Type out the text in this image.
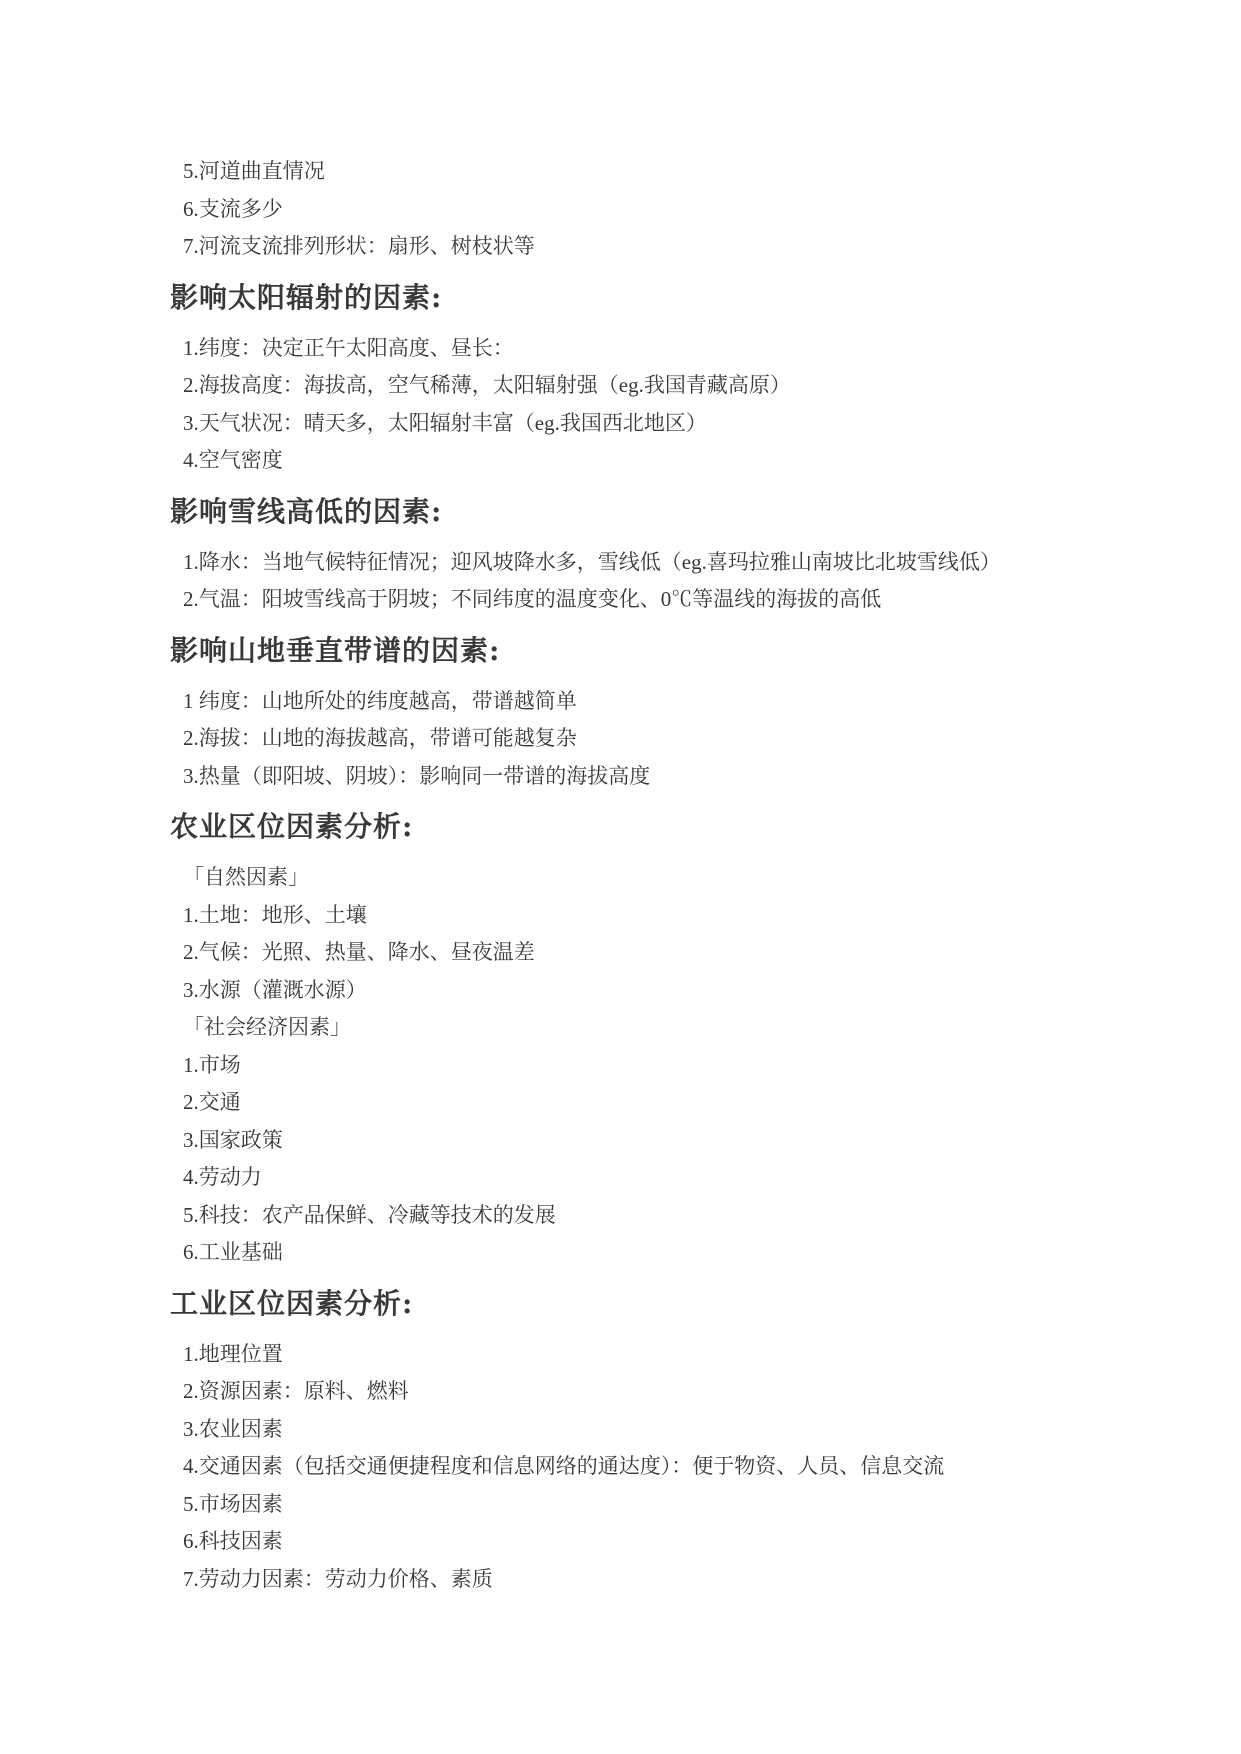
5.河道曲直情况

6.支流多少

7.河流支流排列形状：扇形、树枝状等

影响太阳辐射的因素:

1.纬度：决定正午太阳高度、昼长：

2.海拔高度：海拔高，空气稀薄，太阳辐射强（eg.我国青藏高原）

3.天气状况：晴天多，太阳辐射丰富（eg.我国西北地区）

4.空气密度

影响雪线高低的因素:

1.降水：当地气候特征情况；迎风坡降水多，雪线低（eg.喜玛拉雅山南坡比北坡雪线低）

2.气温：阳坡雪线高于阴坡；不同纬度的温度变化、0℃等温线的海拔的高低

影响山地垂直带谱的因素:

1 纬度：山地所处的纬度越高，带谱越简单

2.海拔：山地的海拔越高，带谱可能越复杂

3.热量（即阳坡、阴坡）：影响同一带谱的海拔高度

农业区位因素分析:

「自然因素」

1.土地：地形、土壤

2.气候：光照、热量、降水、昼夜温差

3.水源（灌溉水源）

「社会经济因素」

1.市场

2.交通

3.国家政策

4.劳动力

5.科技：农产品保鲜、冷藏等技术的发展

6.工业基础

工业区位因素分析:

1.地理位置

2.资源因素：原料、燃料

3.农业因素

4.交通因素（包括交通便捷程度和信息网络的通达度）：便于物资、人员、信息交流

5.市场因素

6.科技因素

7.劳动力因素：劳动力价格、素质
